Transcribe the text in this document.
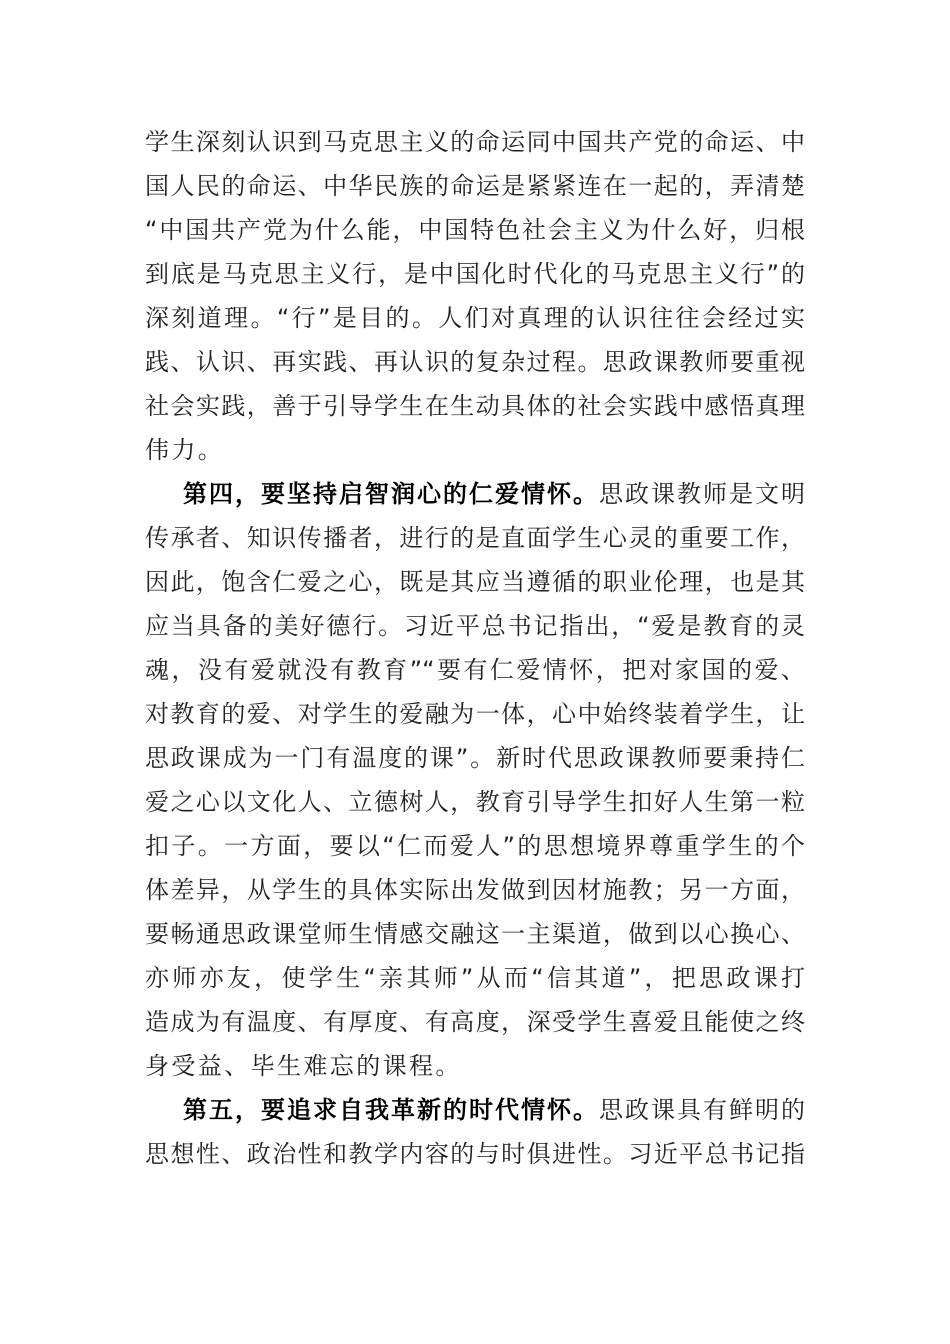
学生深刻认识到马克思主义的命运同中国共产党的命运、中
国人民的命运、中华民族的命运是紧紧连在一起的，弄清楚
“中国共产党为什么能，中国特色社会主义为什么好，归根
到底是马克思主义行，是中国化时代化的马克思主义行”的
深刻道理。“行”是目的。人们对真理的认识往往会经过实
践、认识、再实践、再认识的复杂过程。思政课教师要重视
社会实践，善于引导学生在生动具体的社会实践中感悟真理
伟力。
第四，要坚持启智润心的仁爱情怀。思政课教师是文明
传承者、知识传播者，进行的是直面学生心灵的重要工作，
因此，饱含仁爱之心，既是其应当遵循的职业伦理，也是其
应当具备的美好德行。习近平总书记指出，“爱是教育的灵
魂，没有爱就没有教育”“要有仁爱情怀，把对家国的爱、
对教育的爱、对学生的爱融为一体，心中始终装着学生，让
思政课成为一门有温度的课”。新时代思政课教师要秉持仁
爱之心以文化人、立德树人，教育引导学生扣好人生第一粒
扣子。一方面，要以“仁而爱人”的思想境界尊重学生的个
体差异，从学生的具体实际出发做到因材施教；另一方面，
要畅通思政课堂师生情感交融这一主渠道，做到以心换心、
亦师亦友，使学生“亲其师”从而“信其道”，把思政课打
造成为有温度、有厚度、有高度，深受学生喜爱且能使之终
身受益、毕生难忘的课程。
第五，要追求自我革新的时代情怀。思政课具有鲜明的
思想性、政治性和教学内容的与时俱进性。习近平总书记指
